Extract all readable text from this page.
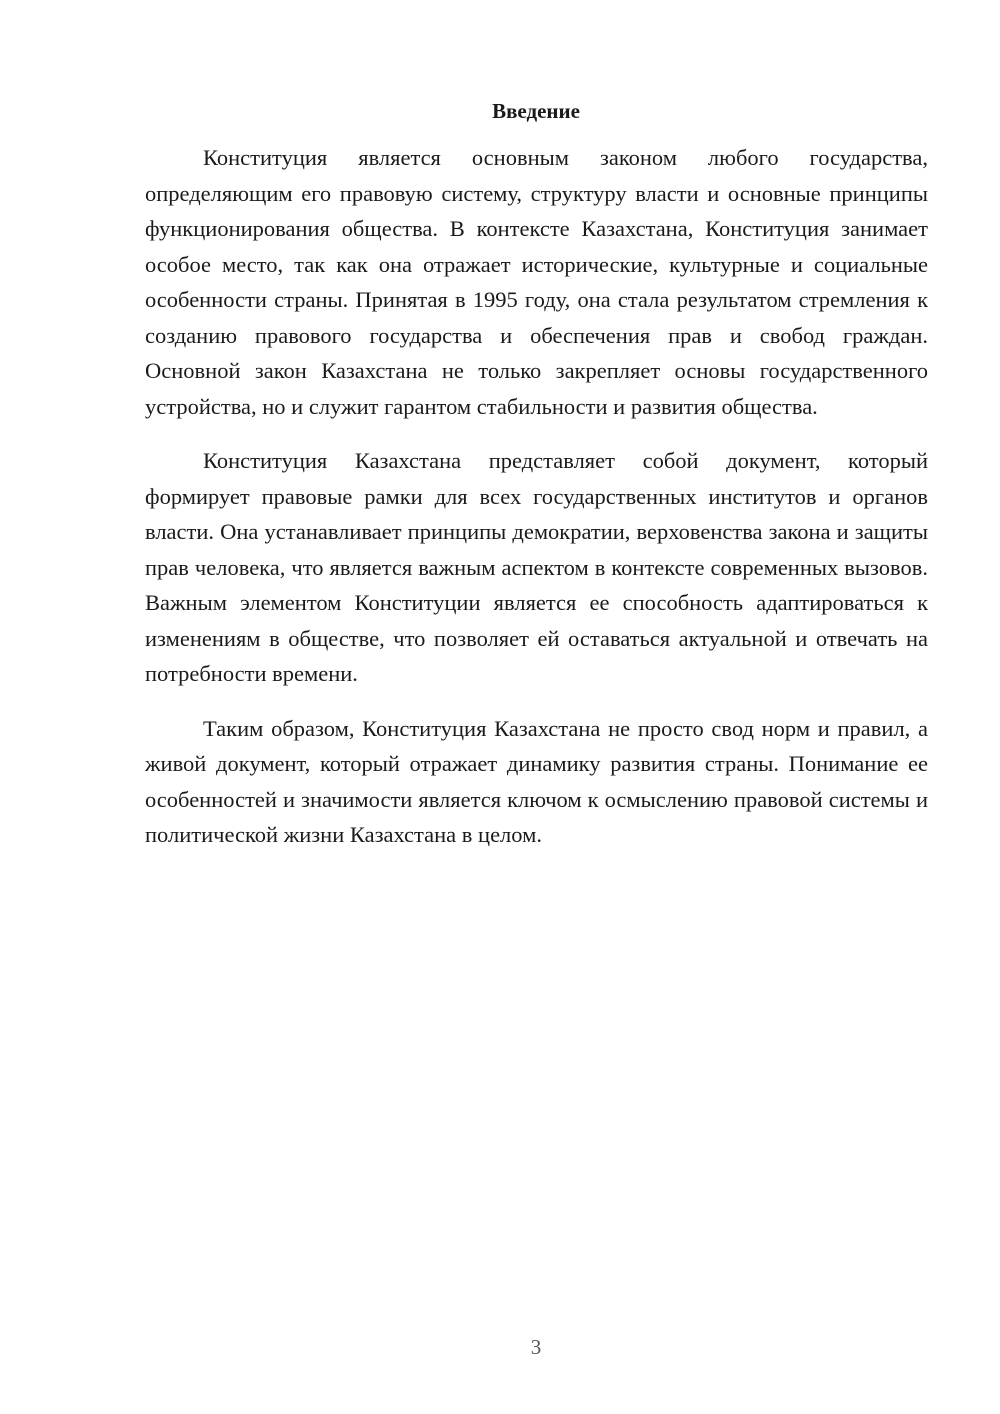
Введение

Конституция является основным законом любого государства, определяющим его правовую систему, структуру власти и основные принципы функционирования общества. В контексте Казахстана, Конституция занимает особое место, так как она отражает исторические, культурные и социальные особенности страны. Принятая в 1995 году, она стала результатом стремления к созданию правового государства и обеспечения прав и свобод граждан. Основной закон Казахстана не только закрепляет основы государственного устройства, но и служит гарантом стабильности и развития общества.

Конституция Казахстана представляет собой документ, который формирует правовые рамки для всех государственных институтов и органов власти. Она устанавливает принципы демократии, верховенства закона и защиты прав человека, что является важным аспектом в контексте современных вызовов. Важным элементом Конституции является ее способность адаптироваться к изменениям в обществе, что позволяет ей оставаться актуальной и отвечать на потребности времени.

Таким образом, Конституция Казахстана не просто свод норм и правил, а живой документ, который отражает динамику развития страны. Понимание ее особенностей и значимости является ключом к осмыслению правовой системы и политической жизни Казахстана в целом.

3
